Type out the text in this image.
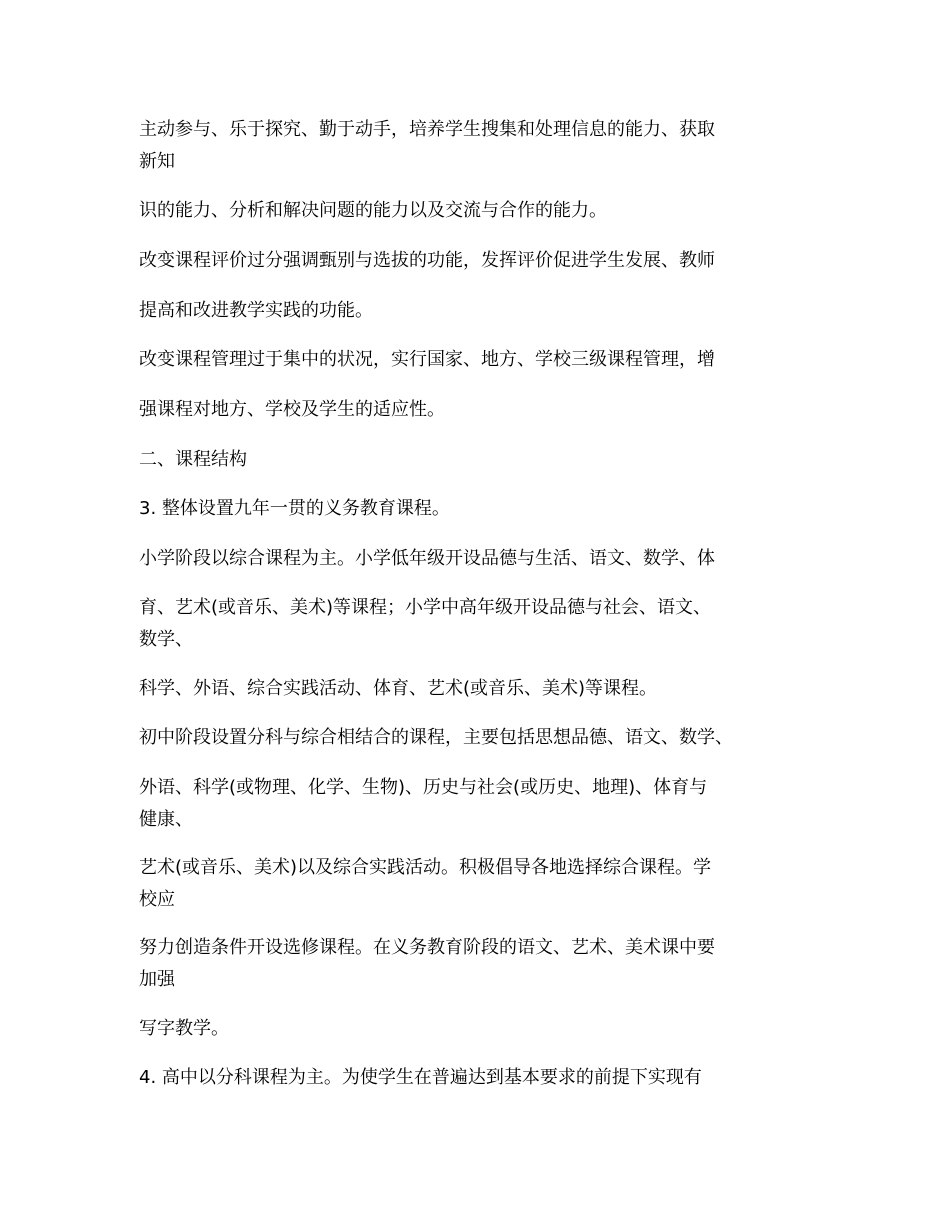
主动参与、乐于探究、勤于动手，培养学生搜集和处理信息的能力、获取
新知

识的能力、分析和解决问题的能力以及交流与合作的能力。

改变课程评价过分强调甄别与选拔的功能，发挥评价促进学生发展、教师

提高和改进教学实践的功能。

改变课程管理过于集中的状况，实行国家、地方、学校三级课程管理，增

强课程对地方、学校及学生的适应性。

二、课程结构

3. 整体设置九年一贯的义务教育课程。

小学阶段以综合课程为主。小学低年级开设品德与生活、语文、数学、体

育、艺术(或音乐、美术)等课程；小学中高年级开设品德与社会、语文、
数学、

科学、外语、综合实践活动、体育、艺术(或音乐、美术)等课程。

初中阶段设置分科与综合相结合的课程，主要包括思想品德、语文、数学、

外语、科学(或物理、化学、生物)、历史与社会(或历史、地理)、体育与
健康、

艺术(或音乐、美术)以及综合实践活动。积极倡导各地选择综合课程。学
校应

努力创造条件开设选修课程。在义务教育阶段的语文、艺术、美术课中要
加强

写字教学。

4. 高中以分科课程为主。为使学生在普遍达到基本要求的前提下实现有
